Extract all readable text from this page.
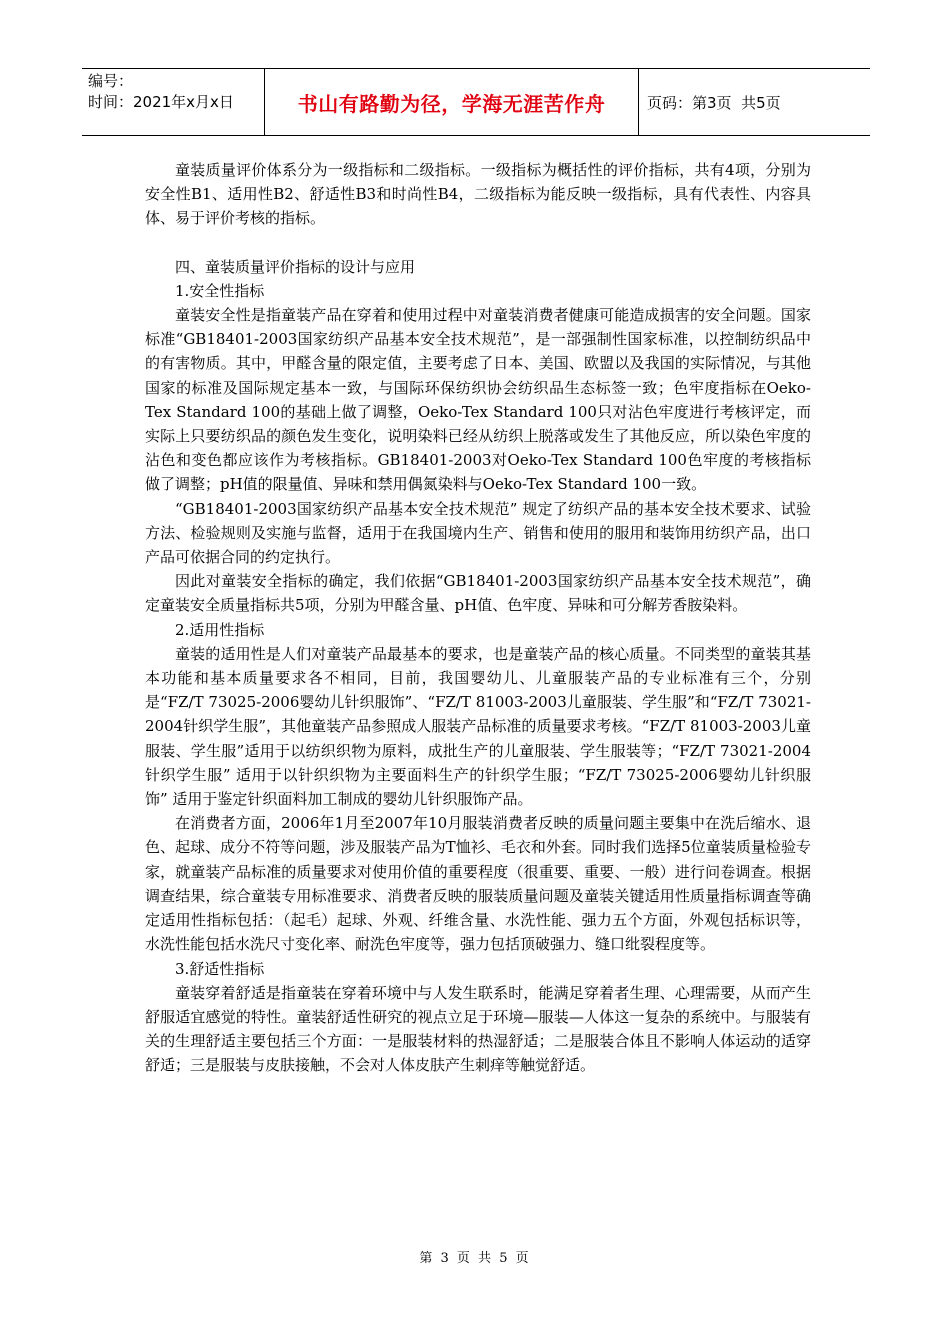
编号：
时间：2021年x月x日	书山有路勤为径，学海无涯苦作舟	页码：第3页  共5页

童装质量评价体系分为一级指标和二级指标。一级指标为概括性的评价指标，共有4项，分别为安全性B1、适用性B2、舒适性B3和时尚性B4，二级指标为能反映一级指标，具有代表性、内容具体、易于评价考核的指标。

四、童装质量评价指标的设计与应用

1.安全性指标

童装安全性是指童装产品在穿着和使用过程中对童装消费者健康可能造成损害的安全问题。国家标准“GB18401-2003国家纺织产品基本安全技术规范”，是一部强制性国家标准，以控制纺织品中的有害物质。其中，甲醛含量的限定值，主要考虑了日本、美国、欧盟以及我国的实际情况，与其他国家的标准及国际规定基本一致，与国际环保纺织协会纺织品生态标签一致；色牢度指标在Oeko-Tex Standard 100的基础上做了调整，Oeko-Tex Standard 100只对沾色牢度进行考核评定，而实际上只要纺织品的颜色发生变化，说明染料已经从纺织上脱落或发生了其他反应，所以染色牢度的沾色和变色都应该作为考核指标。GB18401-2003对Oeko-Tex Standard 100色牢度的考核指标做了调整；pH值的限量值、异味和禁用偶氮染料与Oeko-Tex Standard 100一致。

“GB18401-2003国家纺织产品基本安全技术规范” 规定了纺织产品的基本安全技术要求、试验方法、检验规则及实施与监督，适用于在我国境内生产、销售和使用的服用和装饰用纺织产品，出口产品可依据合同的约定执行。

因此对童装安全指标的确定，我们依据“GB18401-2003国家纺织产品基本安全技术规范”，确定童装安全质量指标共5项，分别为甲醛含量、pH值、色牢度、异味和可分解芳香胺染料。

2.适用性指标

童装的适用性是人们对童装产品最基本的要求，也是童装产品的核心质量。不同类型的童装其基本功能和基本质量要求各不相同，目前，我国婴幼儿、儿童服装产品的专业标准有三个，分别是“FZ/T 73025-2006婴幼儿针织服饰”、“FZ/T 81003-2003儿童服装、学生服”和“FZ/T 73021-2004针织学生服”，其他童装产品参照成人服装产品标准的质量要求考核。“FZ/T 81003-2003儿童服装、学生服”适用于以纺织织物为原料，成批生产的儿童服装、学生服装等；“FZ/T 73021-2004针织学生服” 适用于以针织织物为主要面料生产的针织学生服；“FZ/T 73025-2006婴幼儿针织服饰” 适用于鉴定针织面料加工制成的婴幼儿针织服饰产品。

在消费者方面，2006年1月至2007年10月服装消费者反映的质量问题主要集中在洗后缩水、退色、起球、成分不符等问题，涉及服装产品为T恤衫、毛衣和外套。同时我们选择5位童装质量检验专家，就童装产品标准的质量要求对使用价值的重要程度（很重要、重要、一般）进行问卷调查。根据调查结果，综合童装专用标准要求、消费者反映的服装质量问题及童装关键适用性质量指标调查等确定适用性指标包括：（起毛）起球、外观、纤维含量、水洗性能、强力五个方面，外观包括标识等，水洗性能包括水洗尺寸变化率、耐洗色牢度等，强力包括顶破强力、缝口纰裂程度等。

3.舒适性指标

童装穿着舒适是指童装在穿着环境中与人发生联系时，能满足穿着者生理、心理需要，从而产生舒服适宜感觉的特性。童装舒适性研究的视点立足于环境—服装—人体这一复杂的系统中。与服装有关的生理舒适主要包括三个方面：一是服装材料的热湿舒适；二是服装合体且不影响人体运动的适穿舒适；三是服装与皮肤接触，不会对人体皮肤产生刺痒等触觉舒适。

第 3 页 共 5 页
